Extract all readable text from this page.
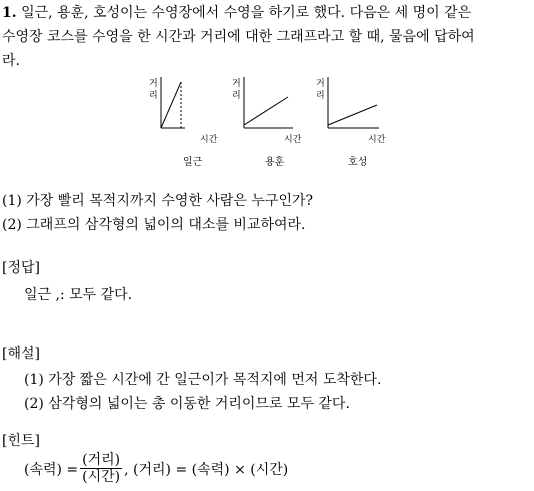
1. 일근, 용훈, 호성이는 수영장에서 수영을 하기로 했다. 다음은 세 명이 같은
수영장 코스를 수영을 한 시간과 거리에 대한 그래프라고 할 때, 물음에 답하여
라.
거리
거리
거리
시간	시간	시간
일근	용훈	호성
(1) 가장 빨리 목적지까지 수영한 사람은 누구인가?
(2) 그래프의 삼각형의 넓이의 대소를 비교하여라.
[정답]
일근 ,: 모두 같다.
[해설]
(1) 가장 짧은 시간에 간 일근이가 목적지에 먼저 도착한다.
(2) 삼각형의 넓이는 총 이동한 거리이므로 모두 같다.
[힌트]
(속력) = $\frac{\text{(거리)}}{\text{(시간)}}$ , (거리) = (속력) × (시간)
